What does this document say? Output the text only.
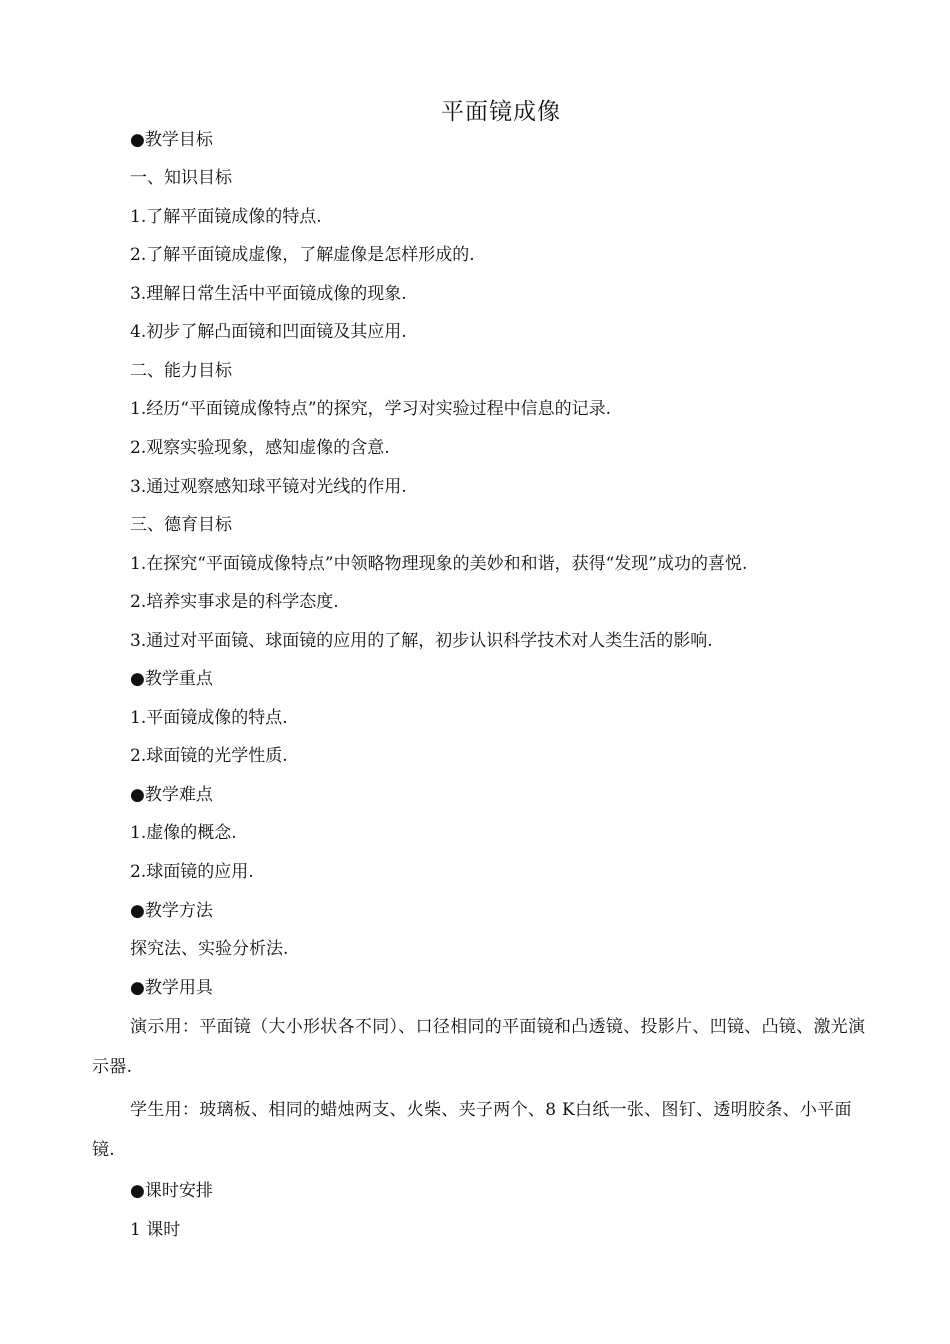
平面镜成像
●教学目标
一、知识目标
1.了解平面镜成像的特点.
2.了解平面镜成虚像，了解虚像是怎样形成的.
3.理解日常生活中平面镜成像的现象.
4.初步了解凸面镜和凹面镜及其应用.
二、能力目标
1.经历“平面镜成像特点”的探究，学习对实验过程中信息的记录.
2.观察实验现象，感知虚像的含意.
3.通过观察感知球平镜对光线的作用.
三、德育目标
1.在探究“平面镜成像特点”中领略物理现象的美妙和和谐，获得“发现”成功的喜悦.
2.培养实事求是的科学态度.
3.通过对平面镜、球面镜的应用的了解，初步认识科学技术对人类生活的影响.
●教学重点
1.平面镜成像的特点.
2.球面镜的光学性质.
●教学难点
1.虚像的概念.
2.球面镜的应用.
●教学方法
探究法、实验分析法.
●教学用具
演示用：平面镜（大小形状各不同）、口径相同的平面镜和凸透镜、投影片、凹镜、凸镜、激光演示器.
学生用：玻璃板、相同的蜡烛两支、火柴、夹子两个、8 K白纸一张、图钉、透明胶条、小平面镜.
●课时安排
1 课时
